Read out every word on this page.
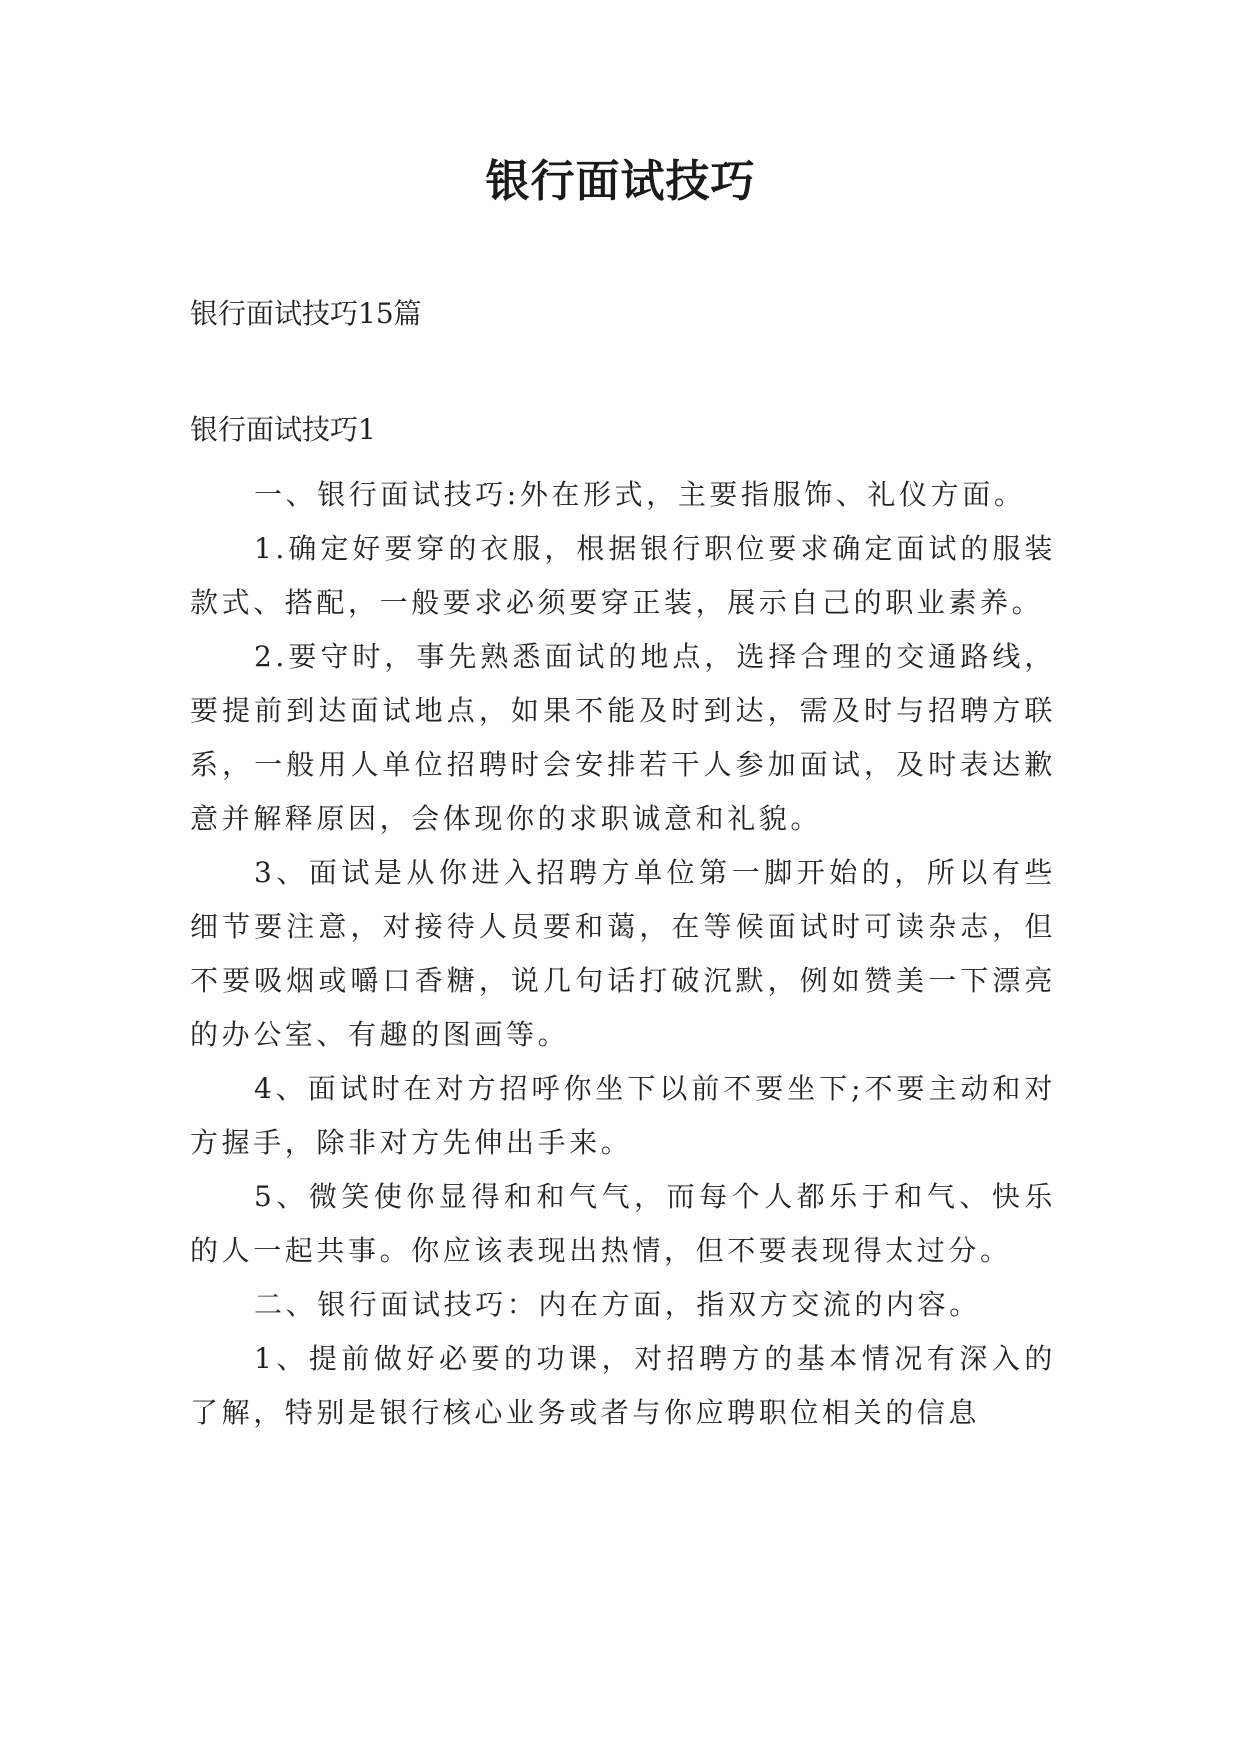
银行面试技巧
银行面试技巧15篇
银行面试技巧1

一、银行面试技巧:外在形式，主要指服饰、礼仪方面。

1.确定好要穿的衣服，根据银行职位要求确定面试的服装款式、搭配，一般要求必须要穿正装，展示自己的职业素养。

2.要守时，事先熟悉面试的地点，选择合理的交通路线，要提前到达面试地点，如果不能及时到达，需及时与招聘方联系，一般用人单位招聘时会安排若干人参加面试，及时表达歉意并解释原因，会体现你的求职诚意和礼貌。

3、面试是从你进入招聘方单位第一脚开始的，所以有些细节要注意，对接待人员要和蔼，在等候面试时可读杂志，但不要吸烟或嚼口香糖，说几句话打破沉默，例如赞美一下漂亮的办公室、有趣的图画等。

4、面试时在对方招呼你坐下以前不要坐下;不要主动和对方握手，除非对方先伸出手来。

5、微笑使你显得和和气气，而每个人都乐于和气、快乐的人一起共事。你应该表现出热情，但不要表现得太过分。

二、银行面试技巧：内在方面，指双方交流的内容。

1、提前做好必要的功课，对招聘方的基本情况有深入的了解，特别是银行核心业务或者与你应聘职位相关的信息
